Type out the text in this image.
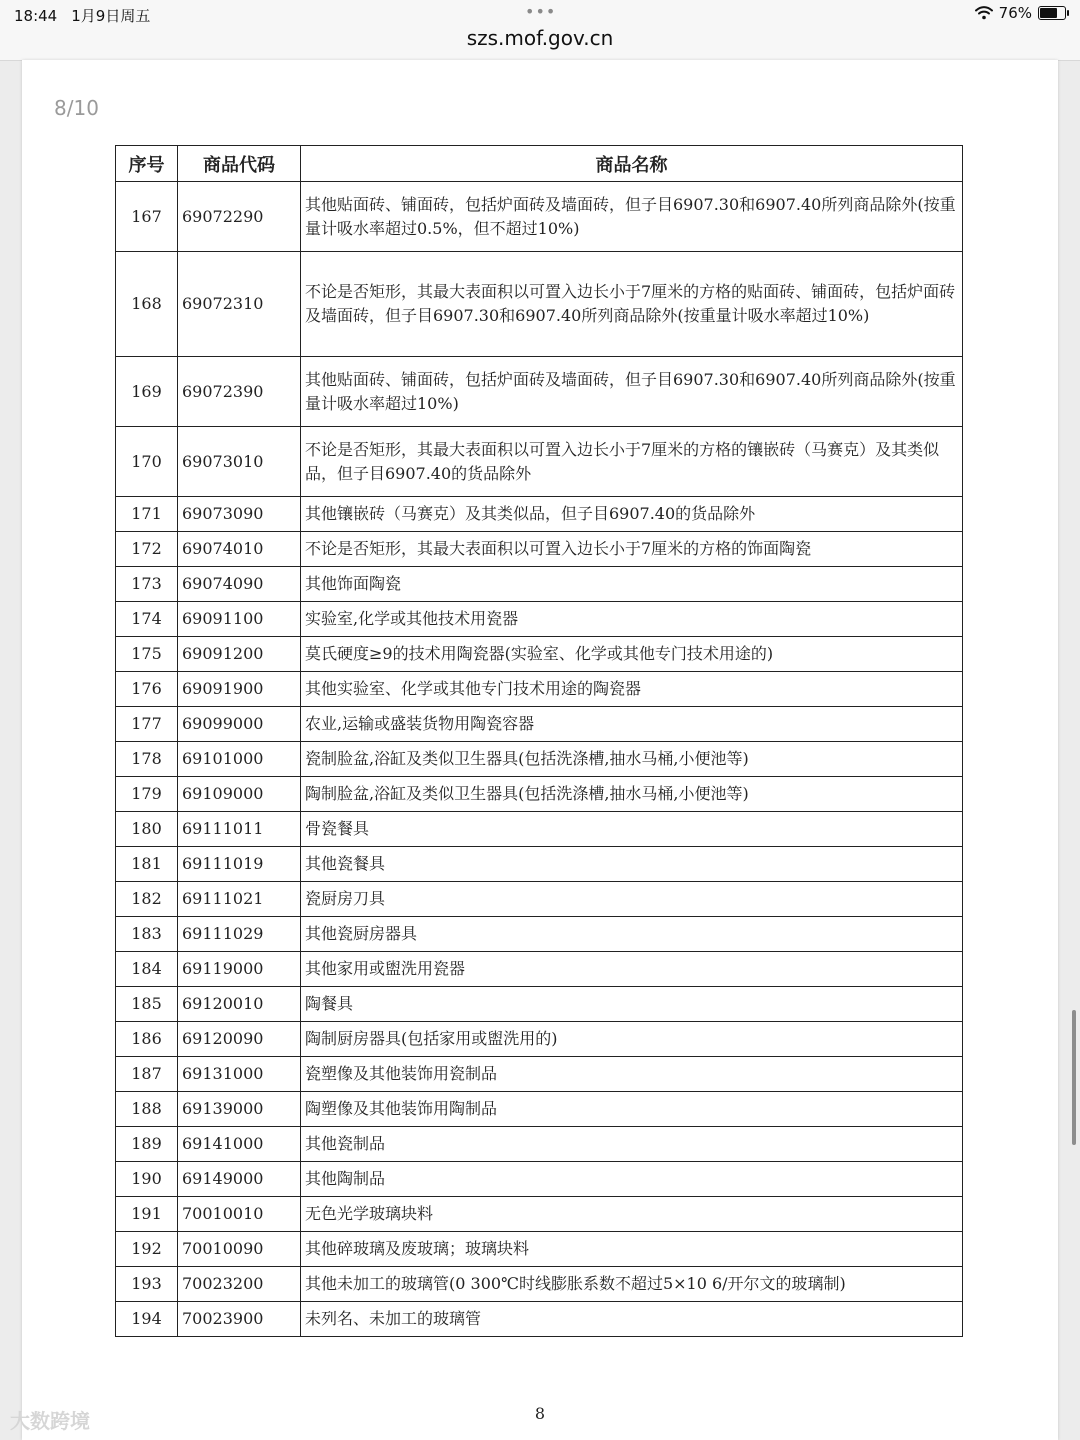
18:44 1月9日周五	•••	76%
szs.mof.gov.cn
8/10
序号	商品代码	商品名称
167	69072290	其他贴面砖、铺面砖，包括炉面砖及墙面砖，但子目6907.30和6907.40所列商品除外(按重量计吸水率超过0.5%，但不超过10%)
168	69072310	不论是否矩形，其最大表面积以可置入边长小于7厘米的方格的贴面砖、铺面砖，包括炉面砖及墙面砖，但子目6907.30和6907.40所列商品除外(按重量计吸水率超过10%)
169	69072390	其他贴面砖、铺面砖，包括炉面砖及墙面砖，但子目6907.30和6907.40所列商品除外(按重量计吸水率超过10%)
170	69073010	不论是否矩形，其最大表面积以可置入边长小于7厘米的方格的镶嵌砖（马赛克）及其类似品，但子目6907.40的货品除外
171	69073090	其他镶嵌砖（马赛克）及其类似品，但子目6907.40的货品除外
172	69074010	不论是否矩形，其最大表面积以可置入边长小于7厘米的方格的饰面陶瓷
173	69074090	其他饰面陶瓷
174	69091100	实验室,化学或其他技术用瓷器
175	69091200	莫氏硬度≥9的技术用陶瓷器(实验室、化学或其他专门技术用途的)
176	69091900	其他实验室、化学或其他专门技术用途的陶瓷器
177	69099000	农业,运输或盛装货物用陶瓷容器
178	69101000	瓷制脸盆,浴缸及类似卫生器具(包括洗涤槽,抽水马桶,小便池等)
179	69109000	陶制脸盆,浴缸及类似卫生器具(包括洗涤槽,抽水马桶,小便池等)
180	69111011	骨瓷餐具
181	69111019	其他瓷餐具
182	69111021	瓷厨房刀具
183	69111029	其他瓷厨房器具
184	69119000	其他家用或盥洗用瓷器
185	69120010	陶餐具
186	69120090	陶制厨房器具(包括家用或盥洗用的)
187	69131000	瓷塑像及其他装饰用瓷制品
188	69139000	陶塑像及其他装饰用陶制品
189	69141000	其他瓷制品
190	69149000	其他陶制品
191	70010010	无色光学玻璃块料
192	70010090	其他碎玻璃及废玻璃；玻璃块料
193	70023200	其他未加工的玻璃管(0 300℃时线膨胀系数不超过5×10 6/开尔文的玻璃制)
194	70023900	未列名、未加工的玻璃管
8
大数跨境
